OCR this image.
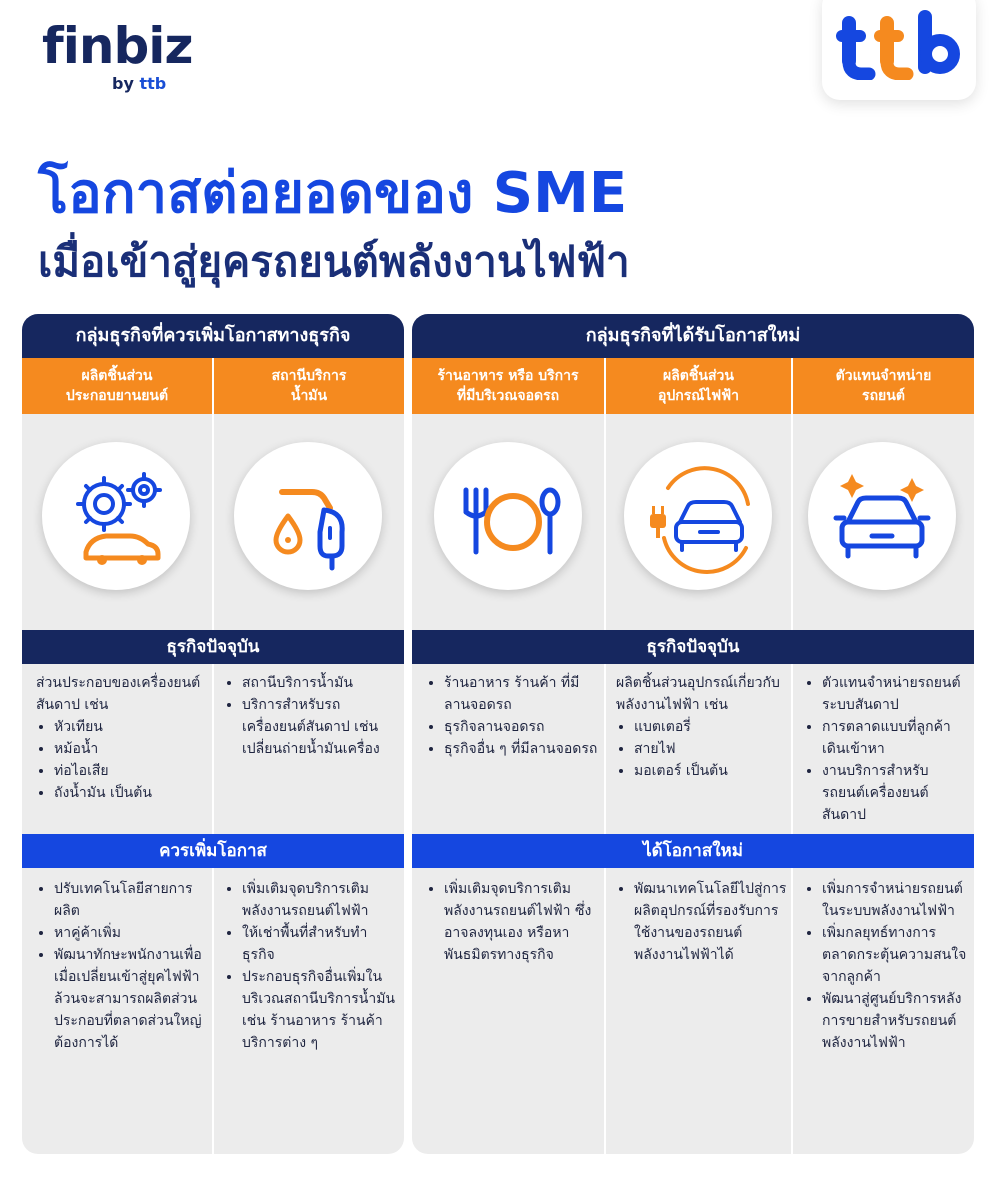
finbiz
by ttb
โอกาสต่อยอดของ SME
เมื่อเข้าสู่ยุครถยนต์พลังงานไฟฟ้า
กลุ่มธุรกิจที่ควรเพิ่มโอกาสทางธุรกิจ
ผลิตชิ้นส่วน
ประกอบยานยนต์
สถานีบริการ
น้ำมัน
ธุรกิจปัจจุบัน
ส่วนประกอบของเครื่องยนต์สันดาป เช่น
• หัวเทียน
• หม้อน้ำ
• ท่อไอเสีย
• ถังน้ำมัน เป็นต้น
• สถานีบริการน้ำมัน
• บริการสำหรับรถเครื่องยนต์สันดาป เช่น เปลี่ยนถ่ายน้ำมันเครื่อง
ควรเพิ่มโอกาส
• ปรับเทคโนโลยีสายการผลิต
• หาคู่ค้าเพิ่ม
• พัฒนาทักษะพนักงานเพื่อเมื่อเปลี่ยนเข้าสู่ยุคไฟฟ้าล้วนจะสามารถผลิตส่วนประกอบที่ตลาดส่วนใหญ่ต้องการได้
• เพิ่มเติมจุดบริการเติมพลังงานรถยนต์ไฟฟ้า
• ให้เช่าพื้นที่สำหรับทำธุรกิจ
• ประกอบธุรกิจอื่นเพิ่มในบริเวณสถานีบริการน้ำมัน เช่น ร้านอาหาร ร้านค้า บริการต่าง ๆ
กลุ่มธุรกิจที่ได้รับโอกาสใหม่
ร้านอาหาร หรือ บริการ
ที่มีบริเวณจอดรถ
ผลิตชิ้นส่วน
อุปกรณ์ไฟฟ้า
ตัวแทนจำหน่าย
รถยนต์
ธุรกิจปัจจุบัน
• ร้านอาหาร ร้านค้า ที่มีลานจอดรถ
• ธุรกิจลานจอดรถ
• ธุรกิจอื่น ๆ ที่มีลานจอดรถ
ผลิตชิ้นส่วนอุปกรณ์เกี่ยวกับพลังงานไฟฟ้า เช่น
• แบตเตอรี่
• สายไฟ
• มอเตอร์ เป็นต้น
• ตัวแทนจำหน่ายรถยนต์ระบบสันดาป
• การตลาดแบบที่ลูกค้าเดินเข้าหา
• งานบริการสำหรับรถยนต์เครื่องยนต์สันดาป
ได้โอกาสใหม่
• เพิ่มเติมจุดบริการเติมพลังงานรถยนต์ไฟฟ้า ซึ่งอาจลงทุนเอง หรือหาพันธมิตรทางธุรกิจ
• พัฒนาเทคโนโลยีไปสู่การผลิตอุปกรณ์ที่รองรับการใช้งานของรถยนต์พลังงานไฟฟ้าได้
• เพิ่มการจำหน่ายรถยนต์ในระบบพลังงานไฟฟ้า
• เพิ่มกลยุทธ์ทางการตลาดกระตุ้นความสนใจจากลูกค้า
• พัฒนาสู่ศูนย์บริการหลังการขายสำหรับรถยนต์พลังงานไฟฟ้า
